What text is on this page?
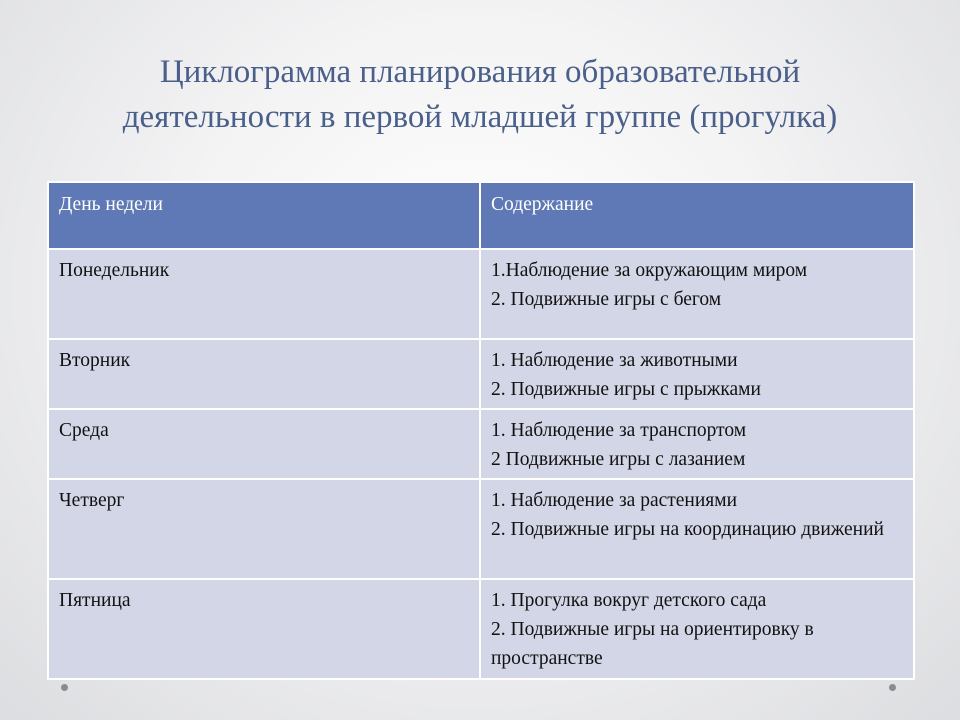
Циклограмма планирования образовательной
деятельности в первой младшей группе (прогулка)
День недели	Содержание
Понедельник	1.Наблюдение за окружающим миром
2. Подвижные игры с бегом

Вторник	1. Наблюдение за животными
2. Подвижные игры с прыжками

Среда	1. Наблюдение за транспортом
2 Подвижные игры с лазанием

Четверг	1. Наблюдение за растениями
2. Подвижные игры на координацию движений

Пятница	1. Прогулка вокруг детского сада
2. Подвижные игры на ориентировку в пространстве
